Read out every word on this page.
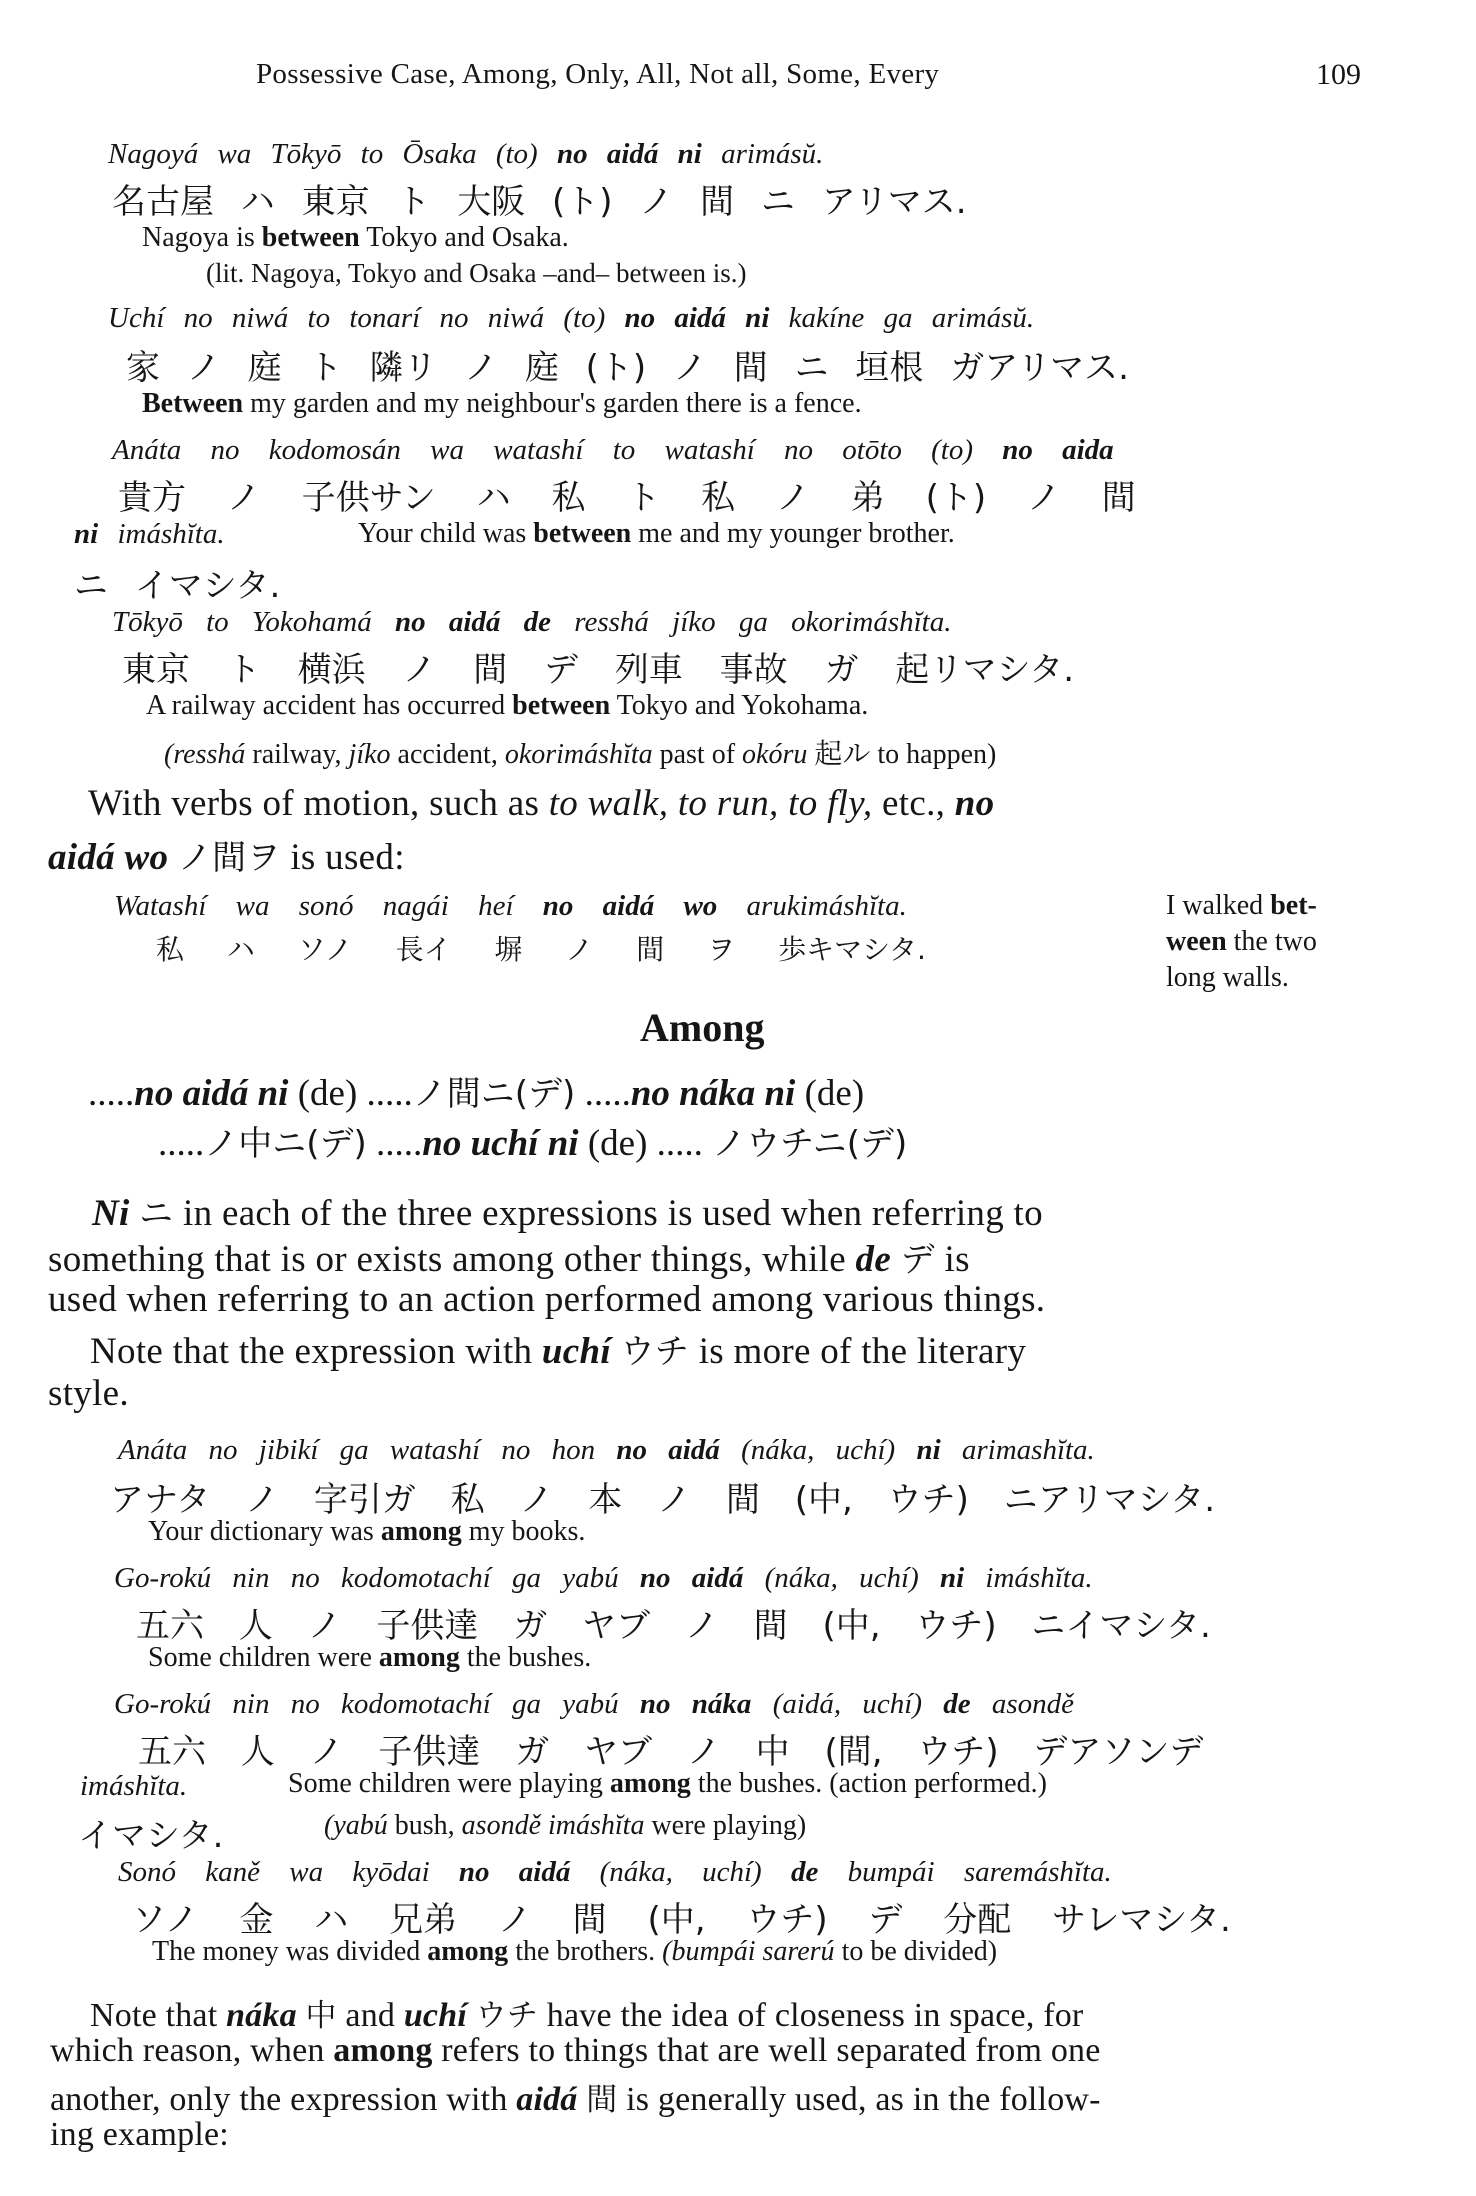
Possessive Case, Among, Only, All, Not all, Some, Every	109
Nagoyá wa Tōkyō to Ōsaka (to) no aidá ni arimásŭ.
名古屋 ハ 東京 ト 大阪 (ト) ノ 間 ニ アリマス.
Nagoya is between Tokyo and Osaka.
(lit. Nagoya, Tokyo and Osaka –and– between is.)
Uchí no niwá to tonarí no niwá (to) no aidá ni kakíne ga arimásŭ.
家 ノ 庭 ト 隣リ ノ 庭 (ト) ノ 間 ニ 垣根 ガアリマス.
Between my garden and my neighbour's garden there is a fence.
Anáta no kodomosán wa watashí to watashí no otōto (to) no aida
貴方 ノ 子供サン ハ 私 ト 私 ノ 弟 (ト) ノ 間
ni imáshĭta.	Your child was between me and my younger brother.
ニ イマシタ.
Tōkyō to Yokohamá no aidá de resshá jíko ga okorimáshĭta.
東京 ト 横浜 ノ 間 デ 列車 事故 ガ 起リマシタ.
A railway accident has occurred between Tokyo and Yokohama.
(resshá railway, jíko accident, okorimáshĭta past of okóru 起ル to happen)
With verbs of motion, such as to walk, to run, to fly, etc., no
aidá wo ノ間ヲ is used:
Watashí wa sonó nagái heí no aidá wo arukimáshĭta.
私 ハ ソノ 長イ 塀 ノ 間 ヲ 歩キマシタ.
I walked bet-
ween the two
long walls.
Among
.....no aidá ni (de) .....ノ間ニ(デ) .....no náka ni (de)
.....ノ中ニ(デ) .....no uchí ni (de) ..... ノウチニ(デ)
Ni ニ in each of the three expressions is used when referring to
something that is or exists among other things, while de デ is
used when referring to an action performed among various things.
Note that the expression with uchí ウチ is more of the literary
style.
Anáta no jibikí ga watashí no hon no aidá (náka, uchí) ni arimashĭta.
アナタ ノ 字引ガ 私 ノ 本 ノ 間 (中, ウチ) ニアリマシタ.
Your dictionary was among my books.
Go-rokú nin no kodomotachí ga yabú no aidá (náka, uchí) ni imáshĭta.
五六 人 ノ 子供達 ガ ヤブ ノ 間 (中, ウチ) ニイマシタ.
Some children were among the bushes.
Go-rokú nin no kodomotachí ga yabú no náka (aidá, uchí) de asondě
五六 人 ノ 子供達 ガ ヤブ ノ 中 (間, ウチ) デアソンデ
imáshĭta.	Some children were playing among the bushes. (action performed.)
イマシタ.	(yabú bush, asondě imáshĭta were playing)
Sonó kaně wa kyōdai no aidá (náka, uchí) de bumpái saremáshĭta.
ソノ 金 ハ 兄弟 ノ 間 (中, ウチ) デ 分配 サレマシタ.
The money was divided among the brothers. (bumpái sarerú to be divided)
Note that náka 中 and uchí ウチ have the idea of closeness in space, for
which reason, when among refers to things that are well separated from one
another, only the expression with aidá 間 is generally used, as in the follow-
ing example:
